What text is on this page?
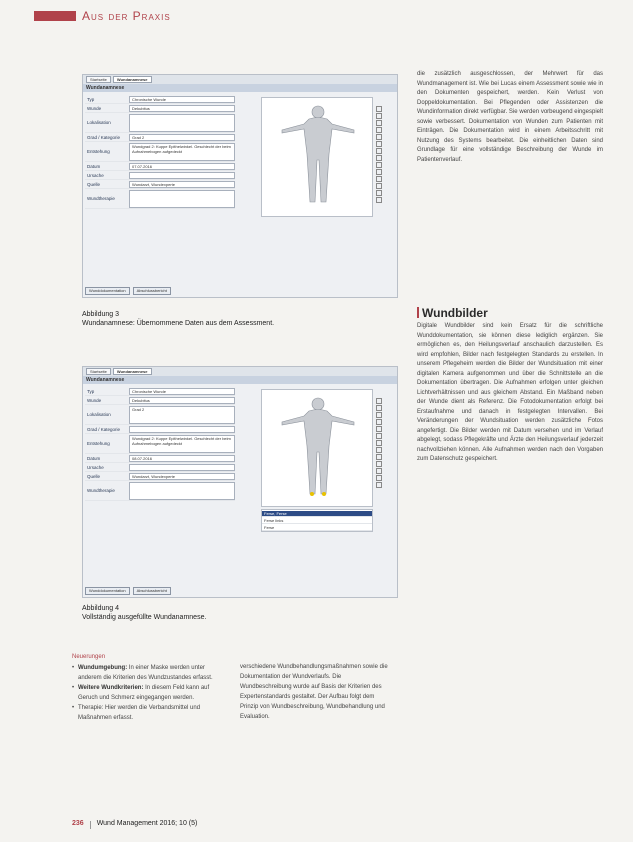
Aus der Praxis
Startseite	Wundanamnese
Wundanamnese
Typ	Chronische Wunde
Wunde	Dekubitus
Lokalisation
Grad / Kategorie	Grad 2
Entstehung
Wundgrad 2: Kuppe Epithelwinkel. Geschlecht der beim Aufnahmebogen aufgedeckt
Datum	07.07.2016
Ursache
Quelle	Wundarzt, Wundexperte
Wundtherapie
Wunddokumentation	Abschlussbericht
Abbildung 3
Wundanamnese: Übernommene Daten aus dem Assessment.
Startseite	Wundanamnese
Wundanamnese
Typ	Chronische Wunde
Wunde	Dekubitus
Lokalisation
Grad 2
Grad / Kategorie
Entstehung
Wundgrad 2: Kuppe Epithelwinkel. Geschlecht der beim Aufnahmebogen aufgedeckt
Datum	08.07.2016
Ursache
Quelle	Wundarzt, Wundexperte
Wundtherapie
Ferse, Ferse
Ferse links
Ferse
Wunddokumentation	Abschlussbericht
Abbildung 4
Vollständig ausgefüllte Wundanamnese.
die zusätzlich ausgeschlossen, der Mehrwert für das Wundmanagement ist. Wie bei Lucas einem Assessment sowie wie in den Dokumenten gespeichert, werden. Kein Verlust von Doppeldokumentation. Bei Pflegenden oder Assistenzen die Wundinformation direkt verfügbar. Sie werden vorbeugend eingespielt sowie verbessert. Dokumentation von Wunden zum Patienten mit Einträgen. Die Dokumentation wird in einem Arbeitsschritt mit Nutzung des Systems bearbeitet. Die einheitlichen Daten sind Grundlage für eine vollständige Beschreibung der Wunde im Patientenverlauf.
Wundbilder
Digitale Wundbilder sind kein Ersatz für die schriftliche Wunddokumentation, sie können diese lediglich ergänzen. Sie ermöglichen es, den Heilungsverlauf anschaulich darzustellen. Es wird empfohlen, Bilder nach festgelegten Standards zu erstellen. In unserem Pflegeheim werden die Bilder der Wundsituation mit einer digitalen Kamera aufgenommen und über die Schnittstelle an die Dokumentation übertragen. Die Aufnahmen erfolgen unter gleichen Lichtverhältnissen und aus gleichem Abstand. Ein Maßband neben der Wunde dient als Referenz. Die Fotodokumentation erfolgt bei Erstaufnahme und danach in festgelegten Intervallen. Bei Veränderungen der Wundsituation werden zusätzliche Fotos angefertigt. Die Bilder werden mit Datum versehen und im Verlauf abgelegt, sodass Pflegekräfte und Ärzte den Heilungsverlauf jederzeit nachvollziehen können. Alle Aufnahmen werden nach den Vorgaben zum Datenschutz gespeichert.
Neuerungen
• Wundumgebung: In einer Maske werden unter anderem die Kriterien des Wundzustandes erfasst.
• Weitere Wundkriterien: In diesem Feld kann auf Geruch und Schmerz eingegangen werden.
• Therapie: Hier werden die Verbandsmittel und Maßnahmen erfasst.
verschiedene Wundbehandlungsmaßnahmen sowie die Dokumentation der Wundverlaufs. Die Wundbeschreibung wurde auf Basis der Kriterien des Expertenstandards gestaltet. Der Aufbau folgt dem Prinzip von Wundbeschreibung, Wundbehandlung und Evaluation.
236 Wund Management 2016; 10 (5)
